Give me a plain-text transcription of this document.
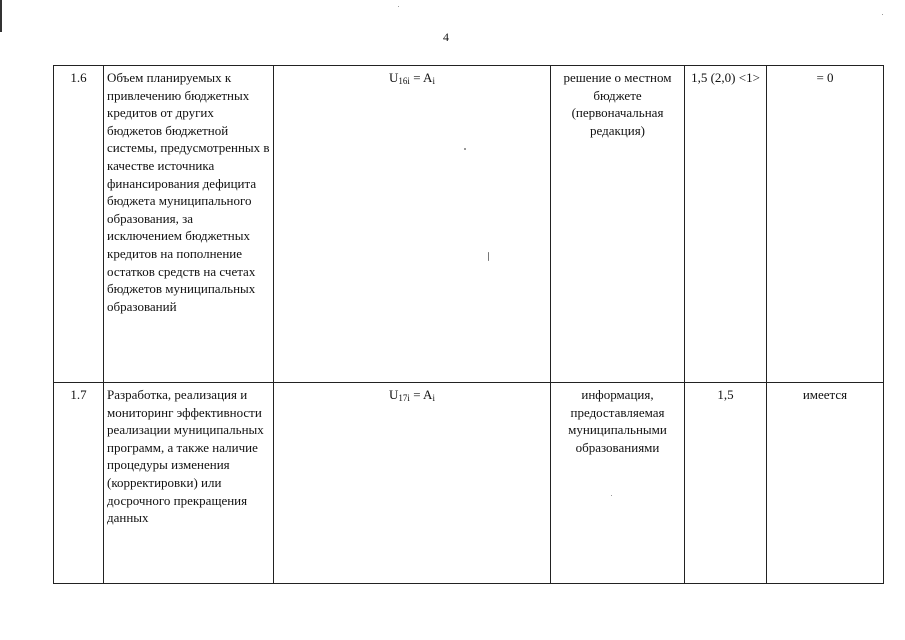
4
1.6	Объем планируемых к привлечению бюджетных кредитов от других бюджетов бюджетной системы, предусмотренных в качестве источника финансирования дефицита бюджета муниципального образования, за исключением бюджетных кредитов на пополнение остатков средств на счетах бюджетов муниципальных образований	$U_{16i} = A_i$	решение о местном бюджете (первоначальная редакция)	1,5 (2,0) <1>	= 0
1.7	Разработка, реализация и мониторинг эффективности реализации муниципальных программ, а также наличие процедуры изменения (корректировки) или досрочного прекращения данных	$U_{17i} = A_i$	информация, предоставляемая муниципальными образованиями	1,5	имеется
